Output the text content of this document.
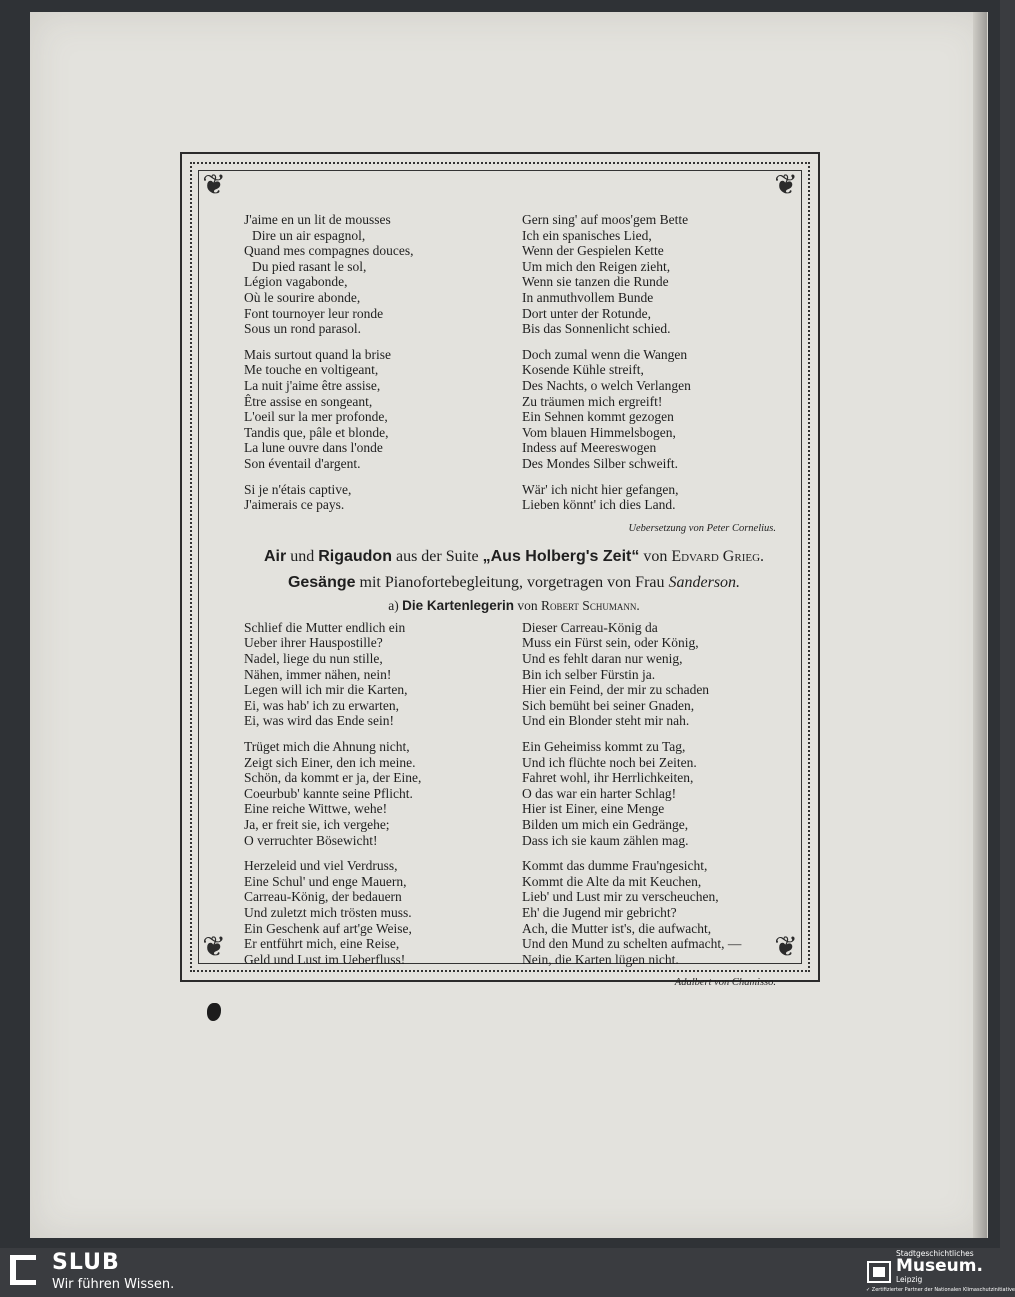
❦	❦
❦	❦
J'aime en un lit de mousses
Dire un air espagnol,
Quand mes compagnes douces,
Du pied rasant le sol,
Légion vagabonde,
Où le sourire abonde,
Font tournoyer leur ronde
Sous un rond parasol.
Mais surtout quand la brise
Me touche en voltigeant,
La nuit j'aime être assise,
Être assise en songeant,
L'oeil sur la mer profonde,
Tandis que, pâle et blonde,
La lune ouvre dans l'onde
Son éventail d'argent.
Si je n'étais captive,
J'aimerais ce pays.
Gern sing' auf moos'gem Bette
Ich ein spanisches Lied,
Wenn der Gespielen Kette
Um mich den Reigen zieht,
Wenn sie tanzen die Runde
In anmuthvollem Bunde
Dort unter der Rotunde,
Bis das Sonnenlicht schied.
Doch zumal wenn die Wangen
Kosende Kühle streift,
Des Nachts, o welch Verlangen
Zu träumen mich ergreift!
Ein Sehnen kommt gezogen
Vom blauen Himmelsbogen,
Indess auf Meereswogen
Des Mondes Silber schweift.
Wär' ich nicht hier gefangen,
Lieben könnt' ich dies Land.
Uebersetzung von Peter Cornelius.
Air und Rigaudon aus der Suite „Aus Holberg's Zeit“ von Edvard Grieg.
Gesänge mit Pianofortebegleitung, vorgetragen von Frau Sanderson.
a) Die Kartenlegerin von Robert Schumann.
Schlief die Mutter endlich ein
Ueber ihrer Hauspostille?
Nadel, liege du nun stille,
Nähen, immer nähen, nein!
Legen will ich mir die Karten,
Ei, was hab' ich zu erwarten,
Ei, was wird das Ende sein!
Trüget mich die Ahnung nicht,
Zeigt sich Einer, den ich meine.
Schön, da kommt er ja, der Eine,
Coeurbub' kannte seine Pflicht.
Eine reiche Wittwe, wehe!
Ja, er freit sie, ich vergehe;
O verruchter Bösewicht!
Herzeleid und viel Verdruss,
Eine Schul' und enge Mauern,
Carreau-König, der bedauern
Und zuletzt mich trösten muss.
Ein Geschenk auf art'ge Weise,
Er entführt mich, eine Reise,
Geld und Lust im Ueberfluss!
Dieser Carreau-König da
Muss ein Fürst sein, oder König,
Und es fehlt daran nur wenig,
Bin ich selber Fürstin ja.
Hier ein Feind, der mir zu schaden
Sich bemüht bei seiner Gnaden,
Und ein Blonder steht mir nah.
Ein Geheimiss kommt zu Tag,
Und ich flüchte noch bei Zeiten.
Fahret wohl, ihr Herrlichkeiten,
O das war ein harter Schlag!
Hier ist Einer, eine Menge
Bilden um mich ein Gedränge,
Dass ich sie kaum zählen mag.
Kommt das dumme Frau'ngesicht,
Kommt die Alte da mit Keuchen,
Lieb' und Lust mir zu verscheuchen,
Eh' die Jugend mir gebricht?
Ach, die Mutter ist's, die aufwacht,
Und den Mund zu schelten aufmacht, —
Nein, die Karten lügen nicht.
Adalbert von Chamisso.
SLUB
Wir führen Wissen.
Stadtgeschichtliches
Museum.
Leipzig
✓ Zertifizierter Partner der Nationalen Klimaschutzinitiative
